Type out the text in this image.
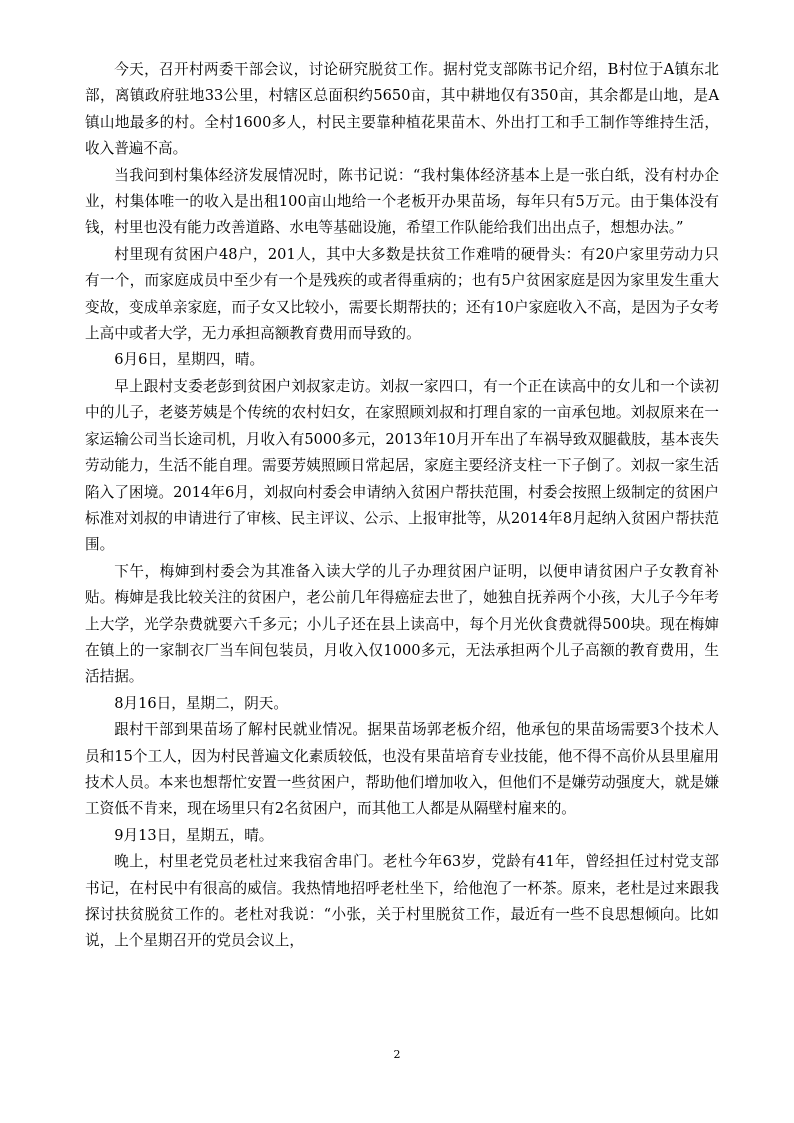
今天，召开村两委干部会议，讨论研究脱贫工作。据村党支部陈书记介绍，B村位于A镇东北部，离镇政府驻地33公里，村辖区总面积约5650亩，其中耕地仅有350亩，其余都是山地，是A镇山地最多的村。全村1600多人，村民主要靠种植花果苗木、外出打工和手工制作等维持生活，收入普遍不高。

当我问到村集体经济发展情况时，陈书记说：“我村集体经济基本上是一张白纸，没有村办企业，村集体唯一的收入是出租100亩山地给一个老板开办果苗场，每年只有5万元。由于集体没有钱，村里也没有能力改善道路、水电等基础设施，希望工作队能给我们出出点子，想想办法。”

村里现有贫困户48户，201人，其中大多数是扶贫工作难啃的硬骨头：有20户家里劳动力只有一个，而家庭成员中至少有一个是残疾的或者得重病的；也有5户贫困家庭是因为家里发生重大变故，变成单亲家庭，而子女又比较小，需要长期帮扶的；还有10户家庭收入不高，是因为子女考上高中或者大学，无力承担高额教育费用而导致的。

6月6日，星期四，晴。

早上跟村支委老彭到贫困户刘叔家走访。刘叔一家四口，有一个正在读高中的女儿和一个读初中的儿子，老婆芳姨是个传统的农村妇女，在家照顾刘叔和打理自家的一亩承包地。刘叔原来在一家运输公司当长途司机，月收入有5000多元，2013年10月开车出了车祸导致双腿截肢，基本丧失劳动能力，生活不能自理。需要芳姨照顾日常起居，家庭主要经济支柱一下子倒了。刘叔一家生活陷入了困境。2014年6月，刘叔向村委会申请纳入贫困户帮扶范围，村委会按照上级制定的贫困户标准对刘叔的申请进行了审核、民主评议、公示、上报审批等，从2014年8月起纳入贫困户帮扶范围。

下午，梅婶到村委会为其准备入读大学的儿子办理贫困户证明，以便申请贫困户子女教育补贴。梅婶是我比较关注的贫困户，老公前几年得癌症去世了，她独自抚养两个小孩，大儿子今年考上大学，光学杂费就要六千多元；小儿子还在县上读高中，每个月光伙食费就得500块。现在梅婶在镇上的一家制衣厂当车间包装员，月收入仅1000多元，无法承担两个儿子高额的教育费用，生活拮据。

8月16日，星期二，阴天。

跟村干部到果苗场了解村民就业情况。据果苗场郭老板介绍，他承包的果苗场需要3个技术人员和15个工人，因为村民普遍文化素质较低，也没有果苗培育专业技能，他不得不高价从县里雇用技术人员。本来也想帮忙安置一些贫困户，帮助他们增加收入，但他们不是嫌劳动强度大，就是嫌工资低不肯来，现在场里只有2名贫困户，而其他工人都是从隔壁村雇来的。

9月13日，星期五，晴。

晚上，村里老党员老杜过来我宿舍串门。老杜今年63岁，党龄有41年，曾经担任过村党支部书记，在村民中有很高的威信。我热情地招呼老杜坐下，给他泡了一杯茶。原来，老杜是过来跟我探讨扶贫脱贫工作的。老杜对我说：“小张，关于村里脱贫工作，最近有一些不良思想倾向。比如说，上个星期召开的党员会议上，

2
